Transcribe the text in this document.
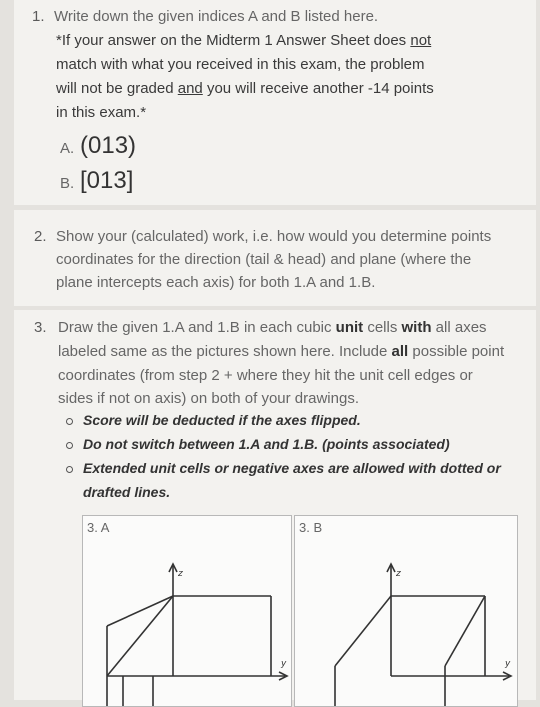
1. Write down the given indices A and B listed here.
*If your answer on the Midterm 1 Answer Sheet does not
match with what you received in this exam, the problem
will not be graded and you will receive another -14 points
in this exam.*
A. (013)
B. [013]
2. Show your (calculated) work, i.e. how would you determine points
coordinates for the direction (tail & head) and plane (where the
plane intercepts each axis) for both 1.A and 1.B.
3. Draw the given 1.A and 1.B in each cubic unit cells with all axes
labeled same as the pictures shown here. Include all possible point
coordinates (from step 2 + where they hit the unit cell edges or
sides if not on axis) on both of your drawings.
Score will be deducted if the axes flipped.
Do not switch between 1.A and 1.B. (points associated)
Extended unit cells or negative axes are allowed with dotted or
drafted lines.
3. A
z
y
3. B
z
y
